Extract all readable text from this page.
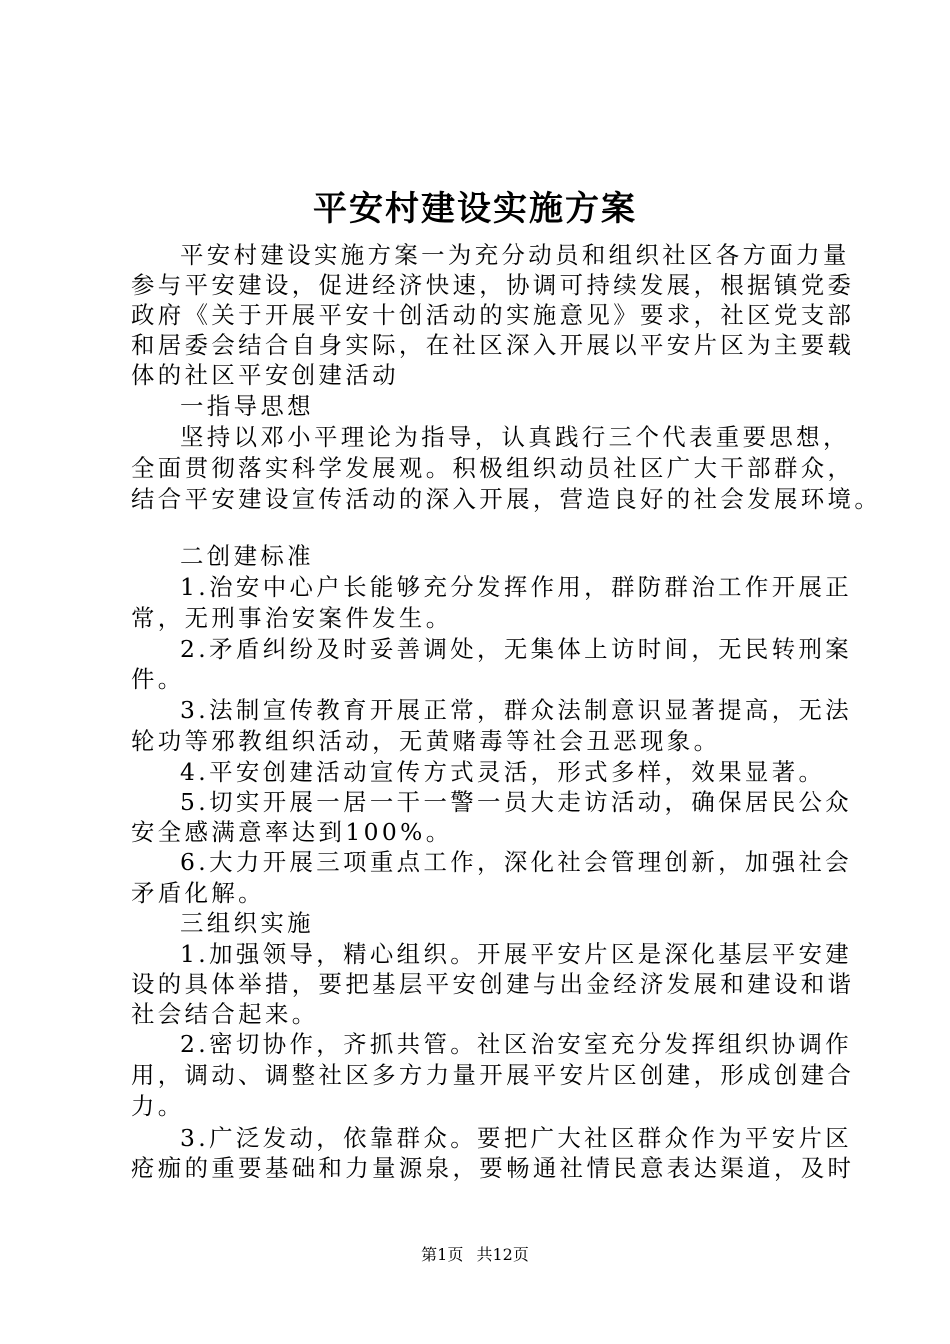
平安村建设实施方案

平安村建设实施方案一为充分动员和组织社区各方面力量

参与平安建设，促进经济快速，协调可持续发展，根据镇党委

政府《关于开展平安十创活动的实施意见》要求，社区党支部

和居委会结合自身实际，在社区深入开展以平安片区为主要载

体的社区平安创建活动

一指导思想

坚持以邓小平理论为指导，认真践行三个代表重要思想，

全面贯彻落实科学发展观。积极组织动员社区广大干部群众，

结合平安建设宣传活动的深入开展，营造良好的社会发展环境。

二创建标准

1.治安中心户长能够充分发挥作用，群防群治工作开展正

常，无刑事治安案件发生。

2.矛盾纠纷及时妥善调处，无集体上访时间，无民转刑案

件。

3.法制宣传教育开展正常，群众法制意识显著提高，无法

轮功等邪教组织活动，无黄赌毒等社会丑恶现象。

4.平安创建活动宣传方式灵活，形式多样，效果显著。

5.切实开展一居一干一警一员大走访活动，确保居民公众

安全感满意率达到100%。

6.大力开展三项重点工作，深化社会管理创新，加强社会

矛盾化解。

三组织实施

1.加强领导，精心组织。开展平安片区是深化基层平安建

设的具体举措，要把基层平安创建与出金经济发展和建设和谐

社会结合起来。

2.密切协作，齐抓共管。社区治安室充分发挥组织协调作

用，调动、调整社区多方力量开展平安片区创建，形成创建合

力。

3.广泛发动，依靠群众。要把广大社区群众作为平安片区

疮痂的重要基础和力量源泉，要畅通社情民意表达渠道，及时

第1页 共12页
